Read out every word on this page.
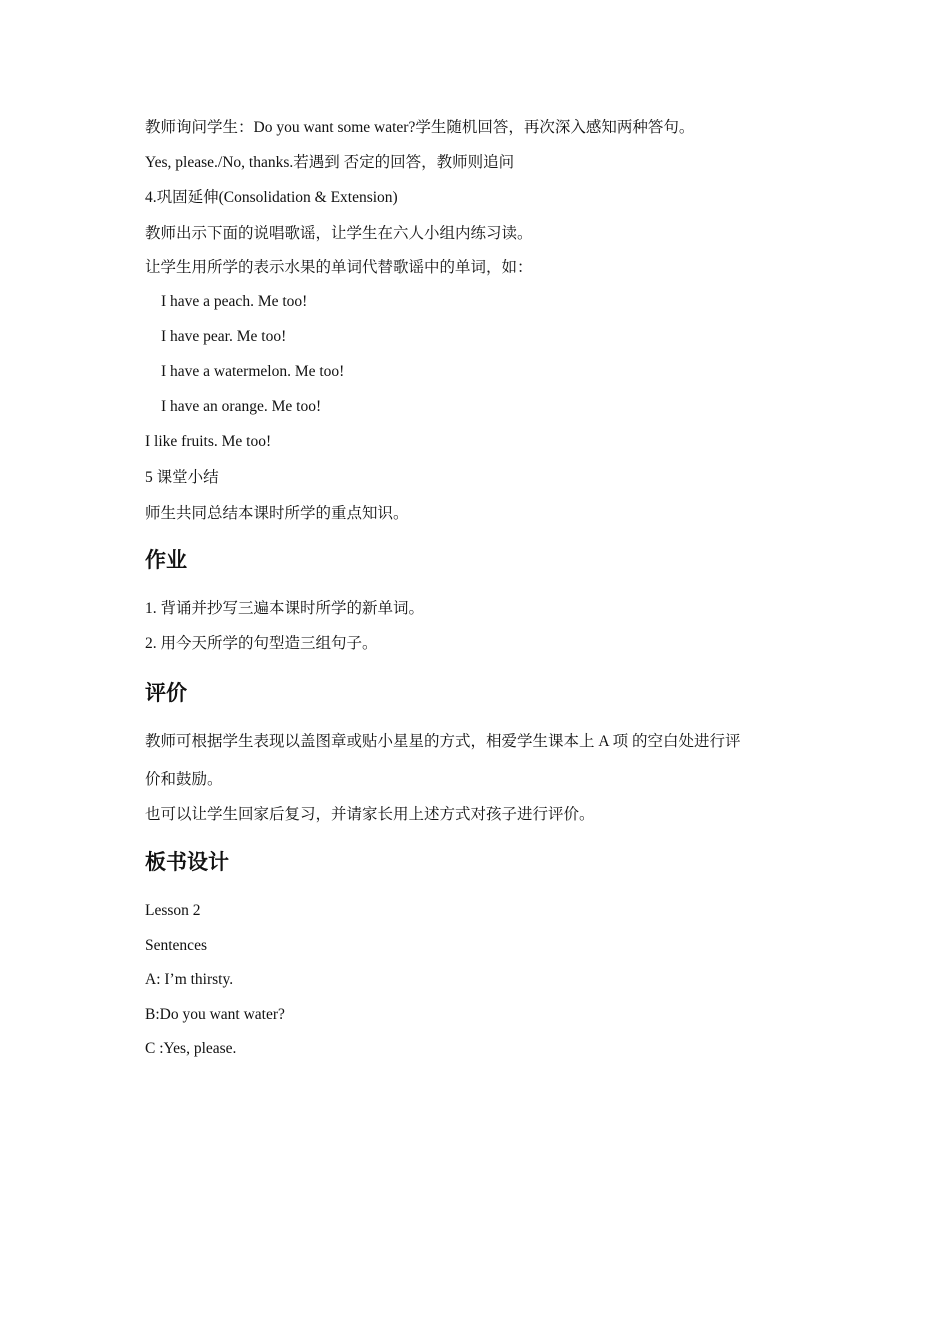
教师询问学生：Do you want some water?学生随机回答，再次深入感知两种答句。
Yes, please./No, thanks.若遇到 否定的回答，教师则追问
4.巩固延伸(Consolidation & Extension)
教师出示下面的说唱歌谣，让学生在六人小组内练习读。
让学生用所学的表示水果的单词代替歌谣中的单词，如：
I have a peach. Me too!
I have pear. Me too!
I have a watermelon. Me too!
I have an orange. Me too!
I like fruits. Me too!
5 课堂小结
师生共同总结本课时所学的重点知识。
作业
1. 背诵并抄写三遍本课时所学的新单词。
2. 用今天所学的句型造三组句子。
评价
教师可根据学生表现以盖图章或贴小星星的方式，相爱学生课本上 A 项 的空白处进行评
价和鼓励。
也可以让学生回家后复习，并请家长用上述方式对孩子进行评价。
板书设计
Lesson 2
Sentences
A: I’m thirsty.
B:Do you want water?
C :Yes, please.
